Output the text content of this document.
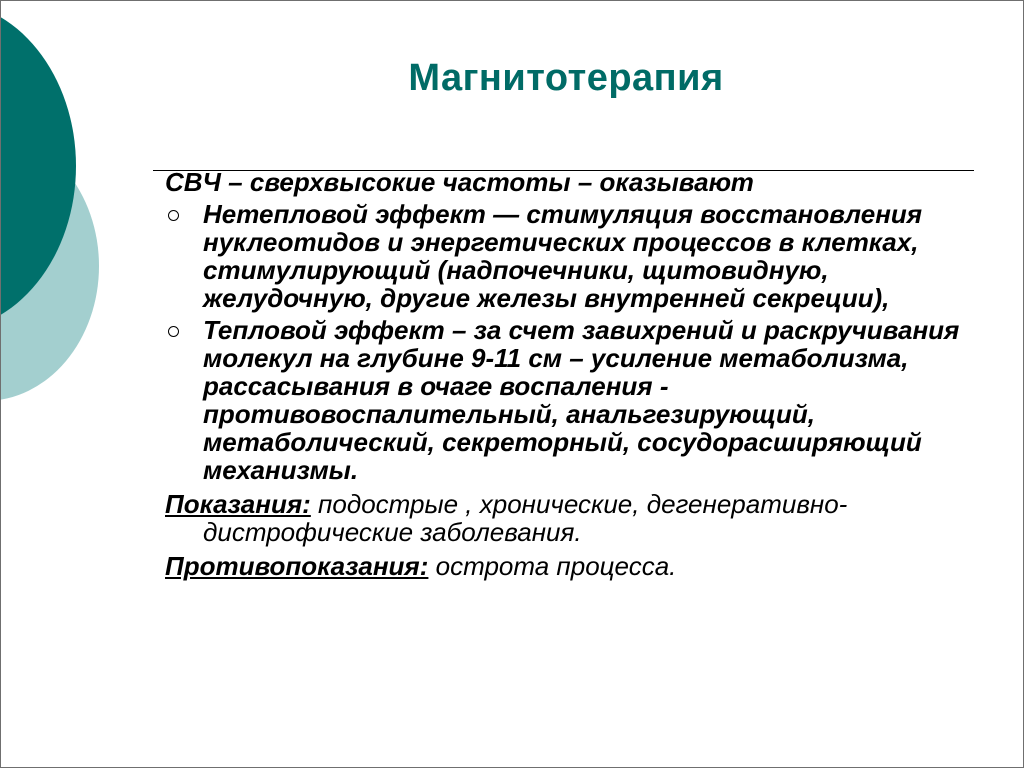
Магнитотерапия

СВЧ – сверхвысокие частоты – оказывают

Нетепловой эффект — стимуляция восстановления нуклеотидов и энергетических процессов в клетках, стимулирующий (надпочечники, щитовидную, желудочную, другие железы внутренней секреции),
Тепловой эффект – за счет завихрений и раскручивания молекул на глубине 9-11 см – усиление метаболизма, рассасывания в очаге воспаления - противовоспалительный, анальгезирующий, метаболический, секреторный, сосудорасширяющий механизмы.

Показания: подострые , хронические, дегенеративно-дистрофические заболевания.

Противопоказания: острота процесса.
